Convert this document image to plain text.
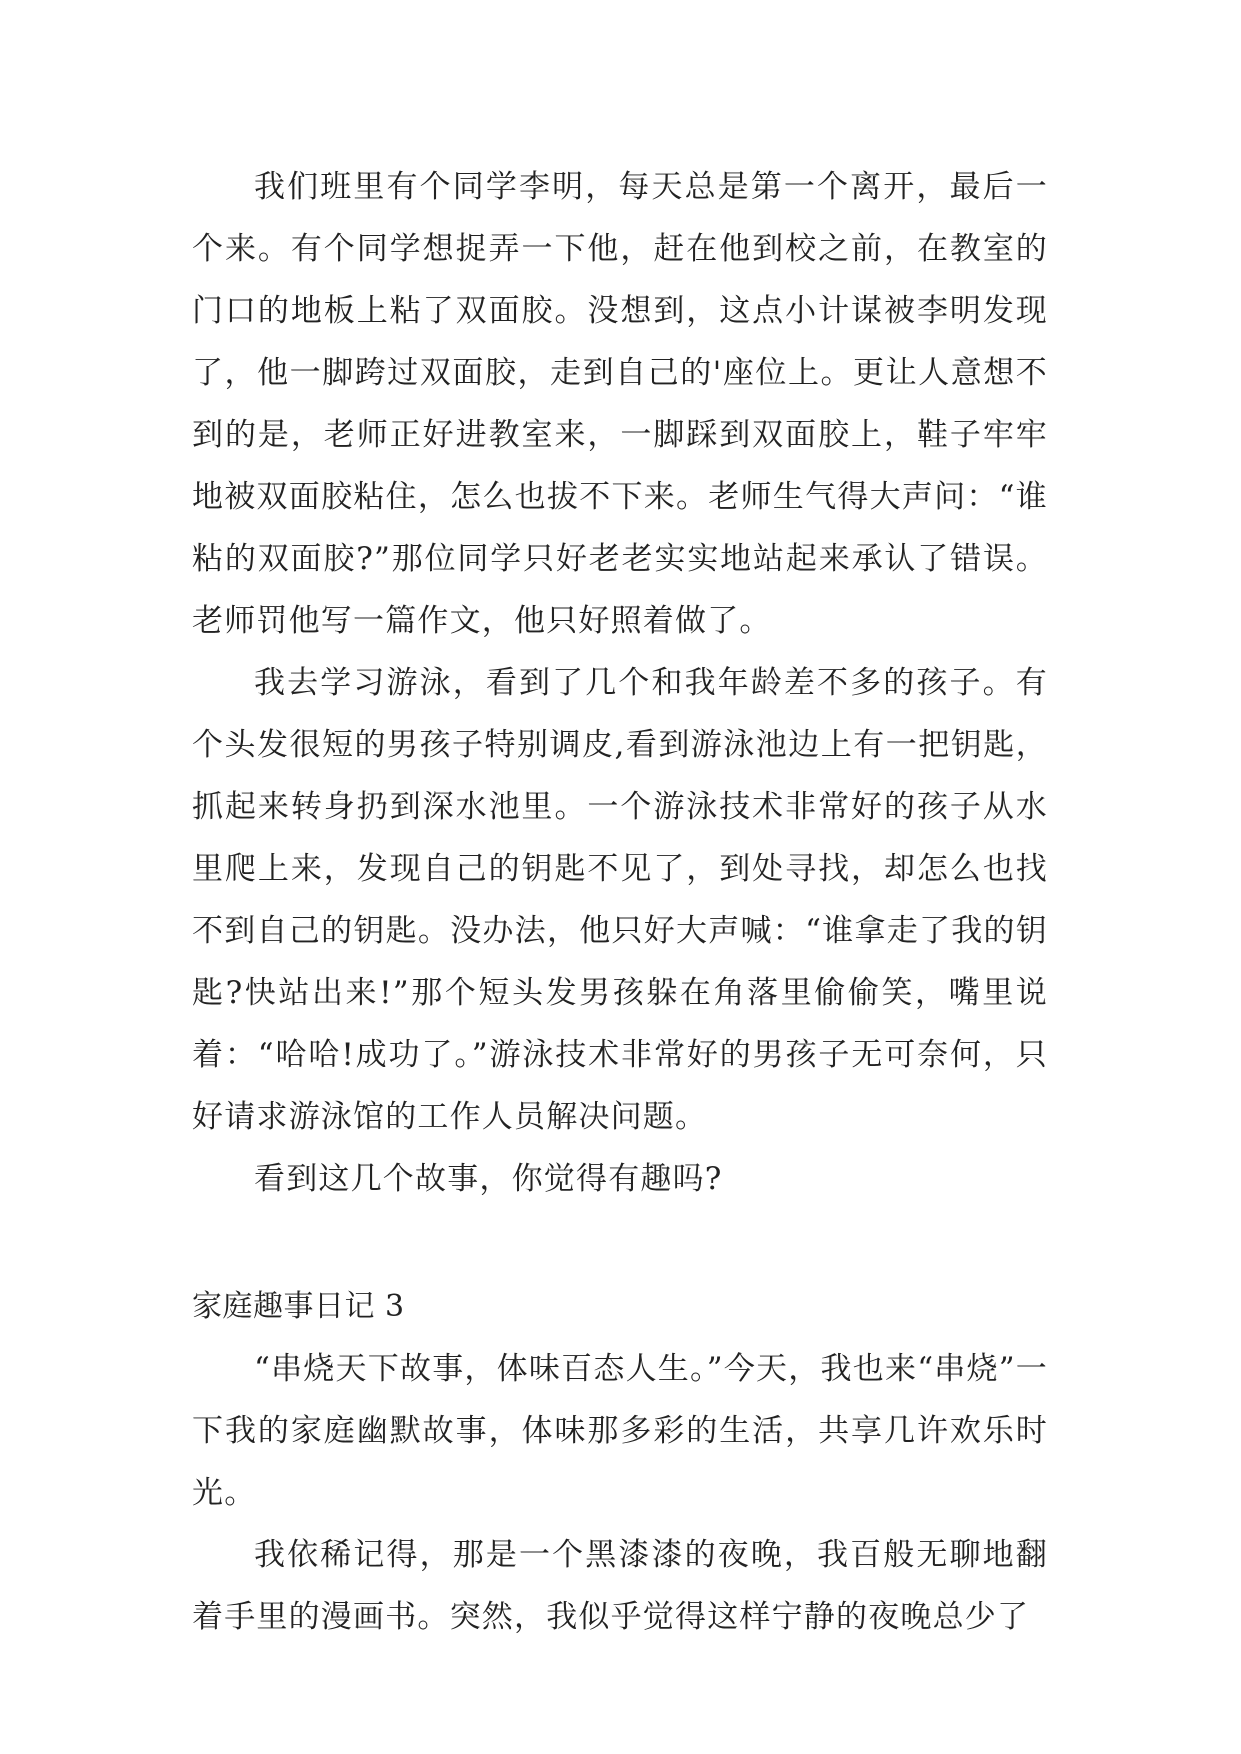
我们班里有个同学李明，每天总是第一个离开，最后一个来。有个同学想捉弄一下他，赶在他到校之前，在教室的门口的地板上粘了双面胶。没想到，这点小计谋被李明发现了，他一脚跨过双面胶，走到自己的'座位上。更让人意想不到的是，老师正好进教室来，一脚踩到双面胶上，鞋子牢牢地被双面胶粘住，怎么也拔不下来。老师生气得大声问：“谁粘的双面胶?”那位同学只好老老实实地站起来承认了错误。老师罚他写一篇作文，他只好照着做了。

我去学习游泳，看到了几个和我年龄差不多的孩子。有个头发很短的男孩子特别调皮,看到游泳池边上有一把钥匙，抓起来转身扔到深水池里。一个游泳技术非常好的孩子从水里爬上来，发现自己的钥匙不见了，到处寻找，却怎么也找不到自己的钥匙。没办法，他只好大声喊：“谁拿走了我的钥匙?快站出来!”那个短头发男孩躲在角落里偷偷笑，嘴里说着：“哈哈!成功了。”游泳技术非常好的男孩子无可奈何，只好请求游泳馆的工作人员解决问题。

看到这几个故事，你觉得有趣吗?

家庭趣事日记 3

“串烧天下故事，体味百态人生。”今天，我也来“串烧”一下我的家庭幽默故事，体味那多彩的生活，共享几许欢乐时光。

我依稀记得，那是一个黑漆漆的夜晚，我百般无聊地翻着手里的漫画书。突然，我似乎觉得这样宁静的夜晚总少了
